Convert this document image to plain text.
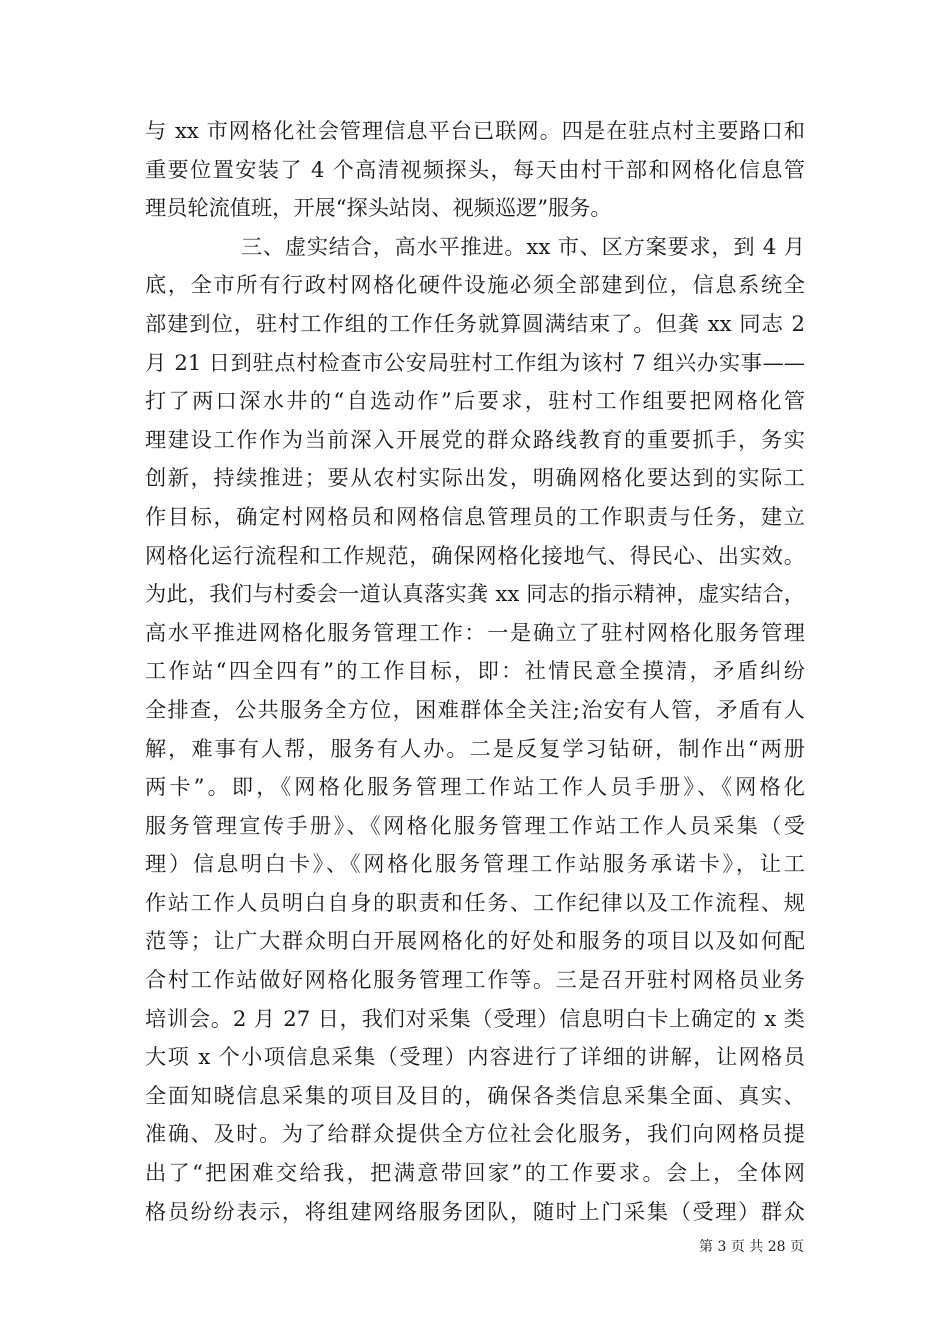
与 xx 市网格化社会管理信息平台已联网。四是在驻点村主要路口和
重要位置安装了 4 个高清视频探头，每天由村干部和网格化信息管
理员轮流值班，开展“探头站岗、视频巡逻”服务。
三、虚实结合，高水平推进。xx 市、区方案要求，到 4 月
底，全市所有行政村网格化硬件设施必须全部建到位，信息系统全
部建到位，驻村工作组的工作任务就算圆满结束了。但龚 xx 同志 2
月 21 日到驻点村检查市公安局驻村工作组为该村 7 组兴办实事——
打了两口深水井的“自选动作”后要求，驻村工作组要把网格化管
理建设工作作为当前深入开展党的群众路线教育的重要抓手，务实
创新，持续推进；要从农村实际出发，明确网格化要达到的实际工
作目标，确定村网格员和网格信息管理员的工作职责与任务，建立
网格化运行流程和工作规范，确保网格化接地气、得民心、出实效。
为此，我们与村委会一道认真落实龚 xx 同志的指示精神，虚实结合，
高水平推进网格化服务管理工作：一是确立了驻村网格化服务管理
工作站“四全四有”的工作目标，即：社情民意全摸清，矛盾纠纷
全排查，公共服务全方位，困难群体全关注;治安有人管，矛盾有人
解，难事有人帮，服务有人办。二是反复学习钻研，制作出“两册
两卡”。即，《网格化服务管理工作站工作人员手册》、《网格化
服务管理宣传手册》、《网格化服务管理工作站工作人员采集（受
理）信息明白卡》、《网格化服务管理工作站服务承诺卡》，让工
作站工作人员明白自身的职责和任务、工作纪律以及工作流程、规
范等；让广大群众明白开展网格化的好处和服务的项目以及如何配
合村工作站做好网格化服务管理工作等。三是召开驻村网格员业务
培训会。2 月 27 日，我们对采集（受理）信息明白卡上确定的 x 类
大项 x 个小项信息采集（受理）内容进行了详细的讲解，让网格员
全面知晓信息采集的项目及目的，确保各类信息采集全面、真实、
准确、及时。为了给群众提供全方位社会化服务，我们向网格员提
出了“把困难交给我，把满意带回家”的工作要求。会上，全体网
格员纷纷表示，将组建网络服务团队，随时上门采集（受理）群众
第 3 页 共 28 页
